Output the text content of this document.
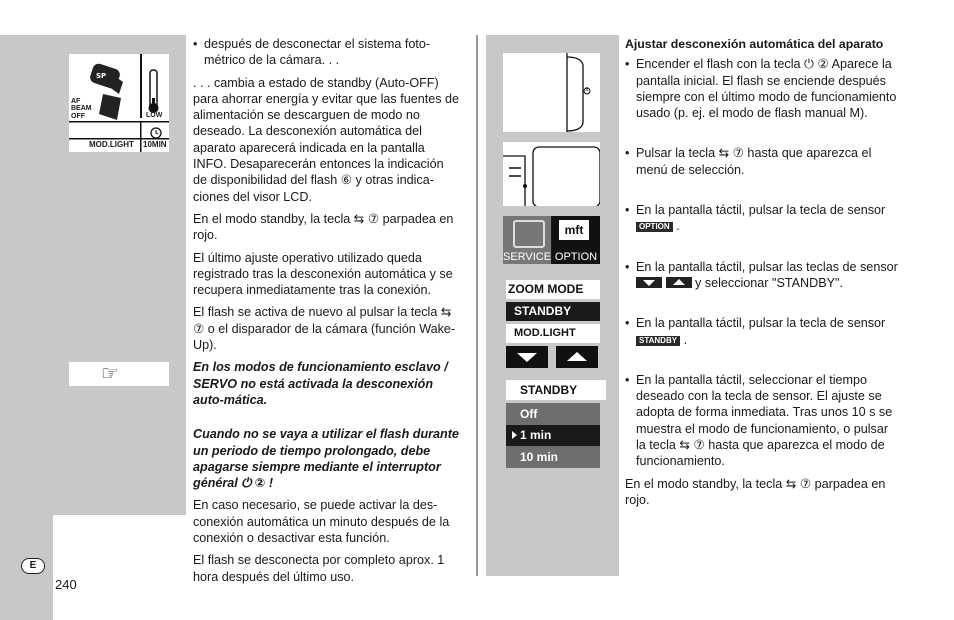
E
240
SP
AF BEAM
OFF	LOW
MOD.LIGHT 10MIN
☞

• después de desconectar el sistema foto-métrico de la cámara. . .

. . . cambia a estado de standby (Auto-OFF) para ahorrar energía y evitar que las fuentes de alimentación se descarguen de modo no deseado. La desconexión automática del aparato aparecerá indicada en la pantalla INFO. Desaparecerán entonces la indicación de disponibilidad del flash ⑥ y otras indica-ciones del visor LCD.

En el modo standby, la tecla ⇆ ⑦ parpadea en rojo.

El último ajuste operativo utilizado queda registrado tras la desconexión automática y se recupera inmediatamente tras la conexión.

El flash se activa de nuevo al pulsar la tecla ⇆ ⑦ o el disparador de la cámara (función Wake-Up).

En los modos de funcionamiento esclavo / SERVO no está activada la desconexión auto-mática.

Cuando no se vaya a utilizar el flash durante un periodo de tiempo prolongado, debe apagarse siempre mediante el interruptor général ⏻ ② !

En caso necesario, se puede activar la des-conexión automática un minuto después de la conexión o desactivar esta función.

El flash se desconecta por completo aprox. 1 hora después del último uso.

SERVICE
mft
OPTION
ZOOM MODE
STANDBY
MOD.LIGHT
STANDBY
Off
1 min
10 min
Ajustar desconexión automática del aparato

• Encender el flash con la tecla ⏻ ② Aparece la pantalla inicial. El flash se enciende después siempre con el último modo de funcionamiento usado (p. ej. el modo de flash manual M).

• Pulsar la tecla ⇆ ⑦ hasta que aparezca el menú de selección.

• En la pantalla táctil, pulsar la tecla de sensor OPTION .

• En la pantalla táctil, pulsar las teclas de sensor

y seleccionar "STANDBY".

• En la pantalla táctil, pulsar la tecla de sensor STANDBY .

• En la pantalla táctil, seleccionar el tiempo deseado con la tecla de sensor. El ajuste se adopta de forma inmediata. Tras unos 10 s se muestra el modo de funcionamiento, o pulsar la tecla ⇆ ⑦ hasta que aparezca el modo de funcionamiento.

En el modo standby, la tecla ⇆ ⑦ parpadea en rojo.
